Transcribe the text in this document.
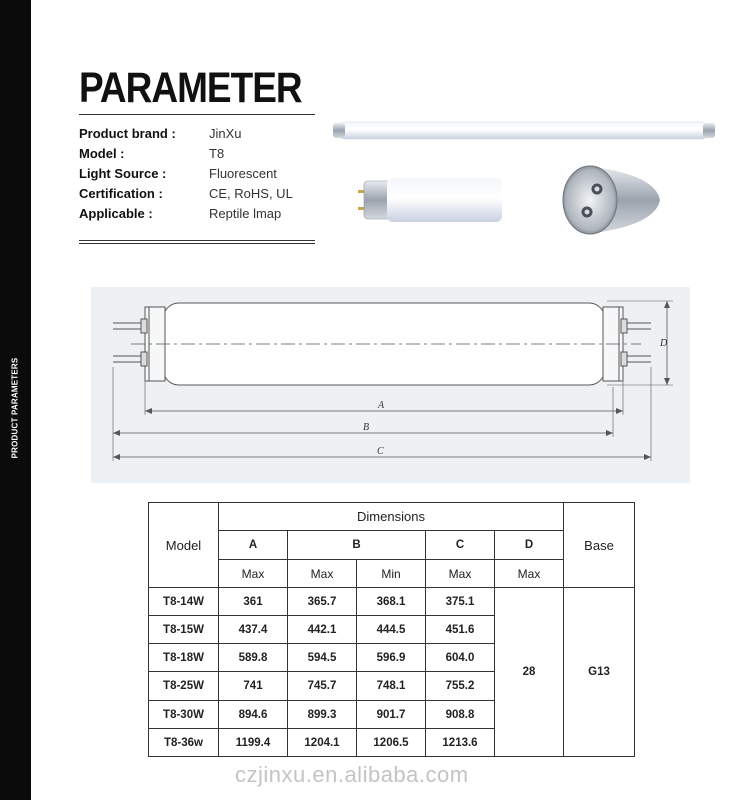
PRODUCT PARAMETERS
PARAMETER
Product brand :	JinXu
Model :	T8
Light Source :	Fluorescent
Certification :	CE, RoHS, UL
Applicable :	Reptile lmap
D
A
B
C
Model	Dimensions					Base
	A	B		C	D	
	Max	Max	Min	Max	Max	
T8-14W	361	365.7	368.1	375.1	28	G13
T8-15W	437.4	442.1	444.5	451.6		
T8-18W	589.8	594.5	596.9	604.0		
T8-25W	741	745.7	748.1	755.2		
T8-30W	894.6	899.3	901.7	908.8		
T8-36w	1199.4	1204.1	1206.5	1213.6		
czjinxu.en.alibaba.com
